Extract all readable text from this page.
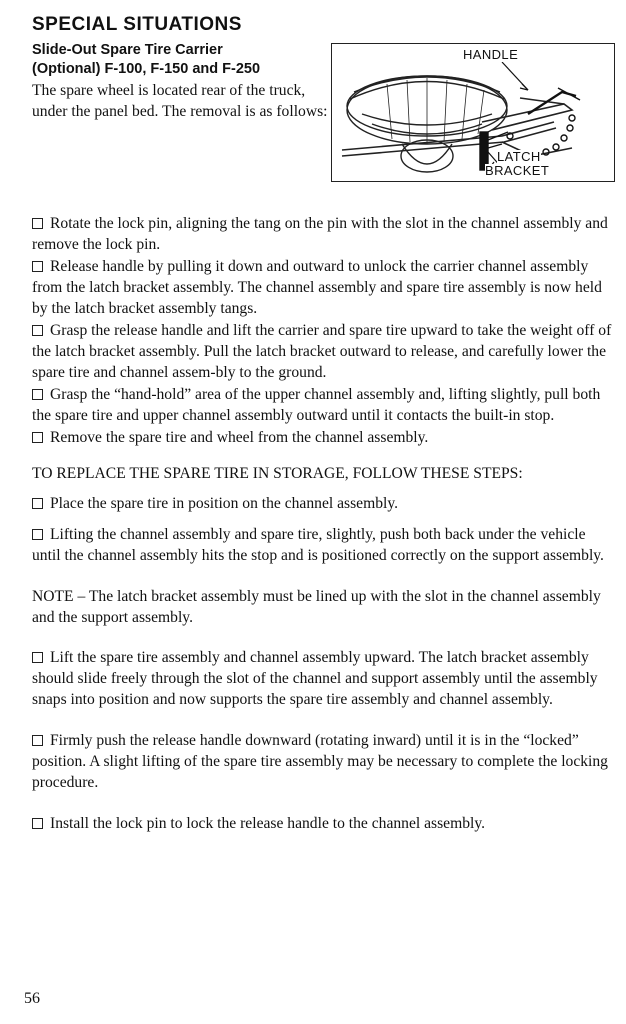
SPECIAL SITUATIONS
Slide-Out Spare Tire Carrier
(Optional) F-100, F-150 and F-250
The spare wheel is located rear of the truck, under the panel bed. The removal is as follows:
HANDLE
LATCH
BRACKET
Rotate the lock pin, aligning the tang on the pin with the slot in the channel assembly and remove the lock pin.
Release handle by pulling it down and outward to unlock the carrier channel assembly from the latch bracket assembly. The channel assembly and spare tire assembly is now held by the latch bracket assembly tangs.
Grasp the release handle and lift the carrier and spare tire upward to take the weight off of the latch bracket assembly. Pull the latch bracket outward to release, and carefully lower the spare tire and channel assem-bly to the ground.
Grasp the “hand-hold” area of the upper channel assembly and, lifting slightly, pull both the spare tire and upper channel assembly outward until it contacts the built-in stop.
Remove the spare tire and wheel from the channel assembly.
TO REPLACE THE SPARE TIRE IN STORAGE, FOLLOW THESE STEPS:
Place the spare tire in position on the channel assembly.
Lifting the channel assembly and spare tire, slightly, push both back under the vehicle until the channel assembly hits the stop and is positioned correctly on the support assembly.
NOTE – The latch bracket assembly must be lined up with the slot in the channel assembly and the support assembly.
Lift the spare tire assembly and channel assembly upward. The latch bracket assembly should slide freely through the slot of the channel and support assembly until the assembly snaps into position and now supports the spare tire assembly and channel assembly.
Firmly push the release handle downward (rotating inward) until it is in the “locked” position. A slight lifting of the spare tire assembly may be necessary to complete the locking procedure.
Install the lock pin to lock the release handle to the channel assembly.
56
